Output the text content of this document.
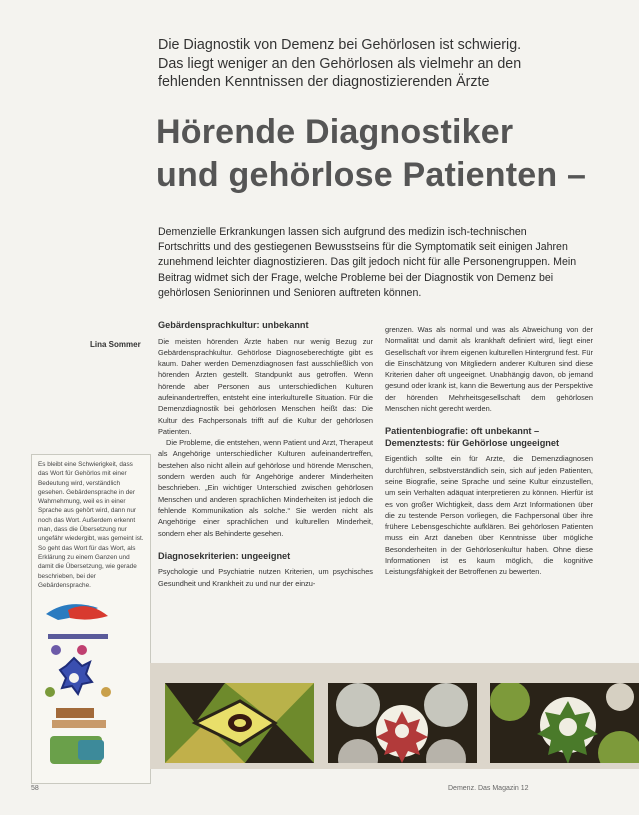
Die Diagnostik von Demenz bei Gehörlosen ist schwierig.
Das liegt weniger an den Gehörlosen als vielmehr an den
fehlenden Kenntnissen der diagnostizierenden Ärzte
Hörende Diagnostiker
und gehörlose Patienten –
Demenzielle Erkrankungen lassen sich aufgrund des medizin isch-technischen Fortschritts und des gestiegenen Bewusstseins für die Symptomatik seit einigen Jahren zunehmend leichter diagnostizieren. Das gilt jedoch nicht für alle Personengruppen. Mein Beitrag widmet sich der Frage, welche Probleme bei der Diagnostik von Demenz bei gehörlosen Seniorinnen und Senioren auftreten können.
Lina Sommer
Gebärdensprachkultur: unbekannt

Die meisten hörenden Ärzte haben nur wenig Bezug zur Gebärdensprachkultur. Gehörlose Diagnoseberechtigte gibt es kaum. Daher werden Demenzdiagnosen fast ausschließlich von hörenden Ärzten gestellt. Standpunkt aus getroffen. Wenn hörende aber Personen aus unterschiedlichen Kulturen aufeinandertreffen, entsteht eine interkulturelle Situation. Für die Demenzdiagnostik bei gehörlosen Menschen heißt das: Die Kultur des Fachpersonals trifft auf die Kultur der gehörlosen Patienten.

Die Probleme, die entstehen, wenn Patient und Arzt, Therapeut als Angehörige unterschiedlicher Kulturen aufeinandertreffen, bestehen also nicht allein auf gehörlose und hörende Menschen, sondern werden auch für Angehörige anderer Minderheiten beschrieben. „Ein wichtiger Unterschied zwischen gehörlosen Menschen und anderen sprachlichen Minderheiten ist jedoch die fehlende Kommunikation als solche.“ Sie werden nicht als Angehörige einer sprachlichen und kulturellen Minderheit, sondern eher als Behinderte gesehen.

Diagnosekriterien: ungeeignet

Psychologie und Psychiatrie nutzen Kriterien, um psychisches Gesundheit und Krankheit zu und nur der einzu-

grenzen. Was als normal und was als Abweichung von der Normalität und damit als krankhaft definiert wird, liegt einer Gesellschaft vor ihrem eigenen kulturellen Hintergrund fest. Für die Einschätzung von Mitgliedern anderer Kulturen sind diese Kriterien daher oft ungeeignet. Unabhängig davon, ob jemand gesund oder krank ist, kann die Bewertung aus der Perspektive der hörenden Mehrheitsgesellschaft dem gehörlosen Menschen nicht gerecht werden.

Patientenbiografie: oft unbekannt – Demenztests: für Gehörlose ungeeignet

Eigentlich sollte ein für Arzte, die Demenzdiagnosen durchführen, selbstverständlich sein, sich auf jeden Patienten, seine Biografie, seine Sprache und seine Kultur einzustellen, um sein Verhalten adäquat interpretieren zu können. Hierfür ist es von großer Wichtigkeit, dass dem Arzt Informationen über die zu testende Person vorliegen, die Fachpersonal über ihre frühere Lebensgeschichte aufklären. Bei gehörlosen Patienten muss ein Arzt daneben über Kenntnisse über mögliche Besonderheiten in der Gehörlosenkultur haben. Ohne diese Informationen ist es kaum möglich, die kognitive Leistungsfähigkeit der Betroffenen zu bewerten.

Es bleibt eine Schwierigkeit, dass das Wort für Gehörlos mit einer Bedeutung wird, verständlich gesehen. Gebärdensprache in der Wahrnehmung, weil es in einer Sprache aus gehört wird, dann nur noch das Wort. Außerdem erkennt man, dass die Übersetzung nur ungefähr wiedergibt, was gemeint ist. So geht das Wort für das Wort, als Erklärung zu einem Ganzen und damit die Übersetzung, wie gerade beschrieben, bei der Gebärdensprache.
58	Demenz. Das Magazin 12
